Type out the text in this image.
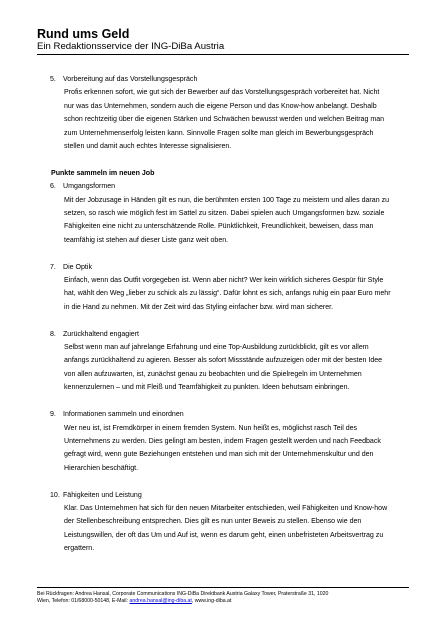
Rund ums Geld
Ein Redaktionsservice der ING-DiBa Austria
5. Vorbereitung auf das Vorstellungsgespräch
Profis erkennen sofort, wie gut sich der Bewerber auf das Vorstellungsgespräch vorbereitet hat. Nicht nur was das Unternehmen, sondern auch die eigene Person und das Know-how anbelangt. Deshalb schon rechtzeitig über die eigenen Stärken und Schwächen bewusst werden und welchen Beitrag man zum Unternehmenserfolg leisten kann. Sinnvolle Fragen sollte man gleich im Bewerbungsgespräch stellen und damit auch echtes Interesse signalisieren.
Punkte sammeln im neuen Job
6. Umgangsformen
Mit der Jobzusage in Händen gilt es nun, die berühmten ersten 100 Tage zu meistern und alles daran zu setzen, so rasch wie möglich fest im Sattel zu sitzen. Dabei spielen auch Umgangsformen bzw. soziale Fähigkeiten eine nicht zu unterschätzende Rolle. Pünktlichkeit, Freundlichkeit, beweisen, dass man teamfähig ist stehen auf dieser Liste ganz weit oben.
7. Die Optik
Einfach, wenn das Outfit vorgegeben ist. Wenn aber nicht? Wer kein wirklich sicheres Gespür für Style hat, wählt den Weg „lieber zu schick als zu lässig“. Dafür lohnt es sich, anfangs ruhig ein paar Euro mehr in die Hand zu nehmen. Mit der Zeit wird das Styling einfacher bzw. wird man sicherer.
8. Zurückhaltend engagiert
Selbst wenn man auf jahrelange Erfahrung und eine Top-Ausbildung zurückblickt, gilt es vor allem anfangs zurückhaltend zu agieren. Besser als sofort Missstände aufzuzeigen oder mit der besten Idee von allen aufzuwarten, ist, zunächst genau zu beobachten und die Spielregeln im Unternehmen kennenzulernen – und mit Fleiß und Teamfähigkeit zu punkten. Ideen behutsam einbringen.
9. Informationen sammeln und einordnen
Wer neu ist, ist Fremdkörper in einem fremden System. Nun heißt es, möglichst rasch Teil des Unternehmens zu werden. Dies gelingt am besten, indem Fragen gestellt werden und nach Feedback gefragt wird, wenn gute Beziehungen entstehen und man sich mit der Unternehmenskultur und den Hierarchien beschäftigt.
10. Fähigkeiten und Leistung
Klar. Das Unternehmen hat sich für den neuen Mitarbeiter entschieden, weil Fähigkeiten und Know-how der Stellenbeschreibung entsprechen. Dies gilt es nun unter Beweis zu stellen. Ebenso wie den Leistungswillen, der oft das Um und Auf ist, wenn es darum geht, einen unbefristeten Arbeitsvertrag zu ergattern.
Bei Rückfragen: Andrea Hansal, Corporate Communications ING-DiBa Direktbank Austria Galaxy Tower, Praterstraße 31, 1020
Wien, Telefon: 01/68000-50148, E-Mail: andrea.hansal@ing-diba.at, www.ing-diba.at
